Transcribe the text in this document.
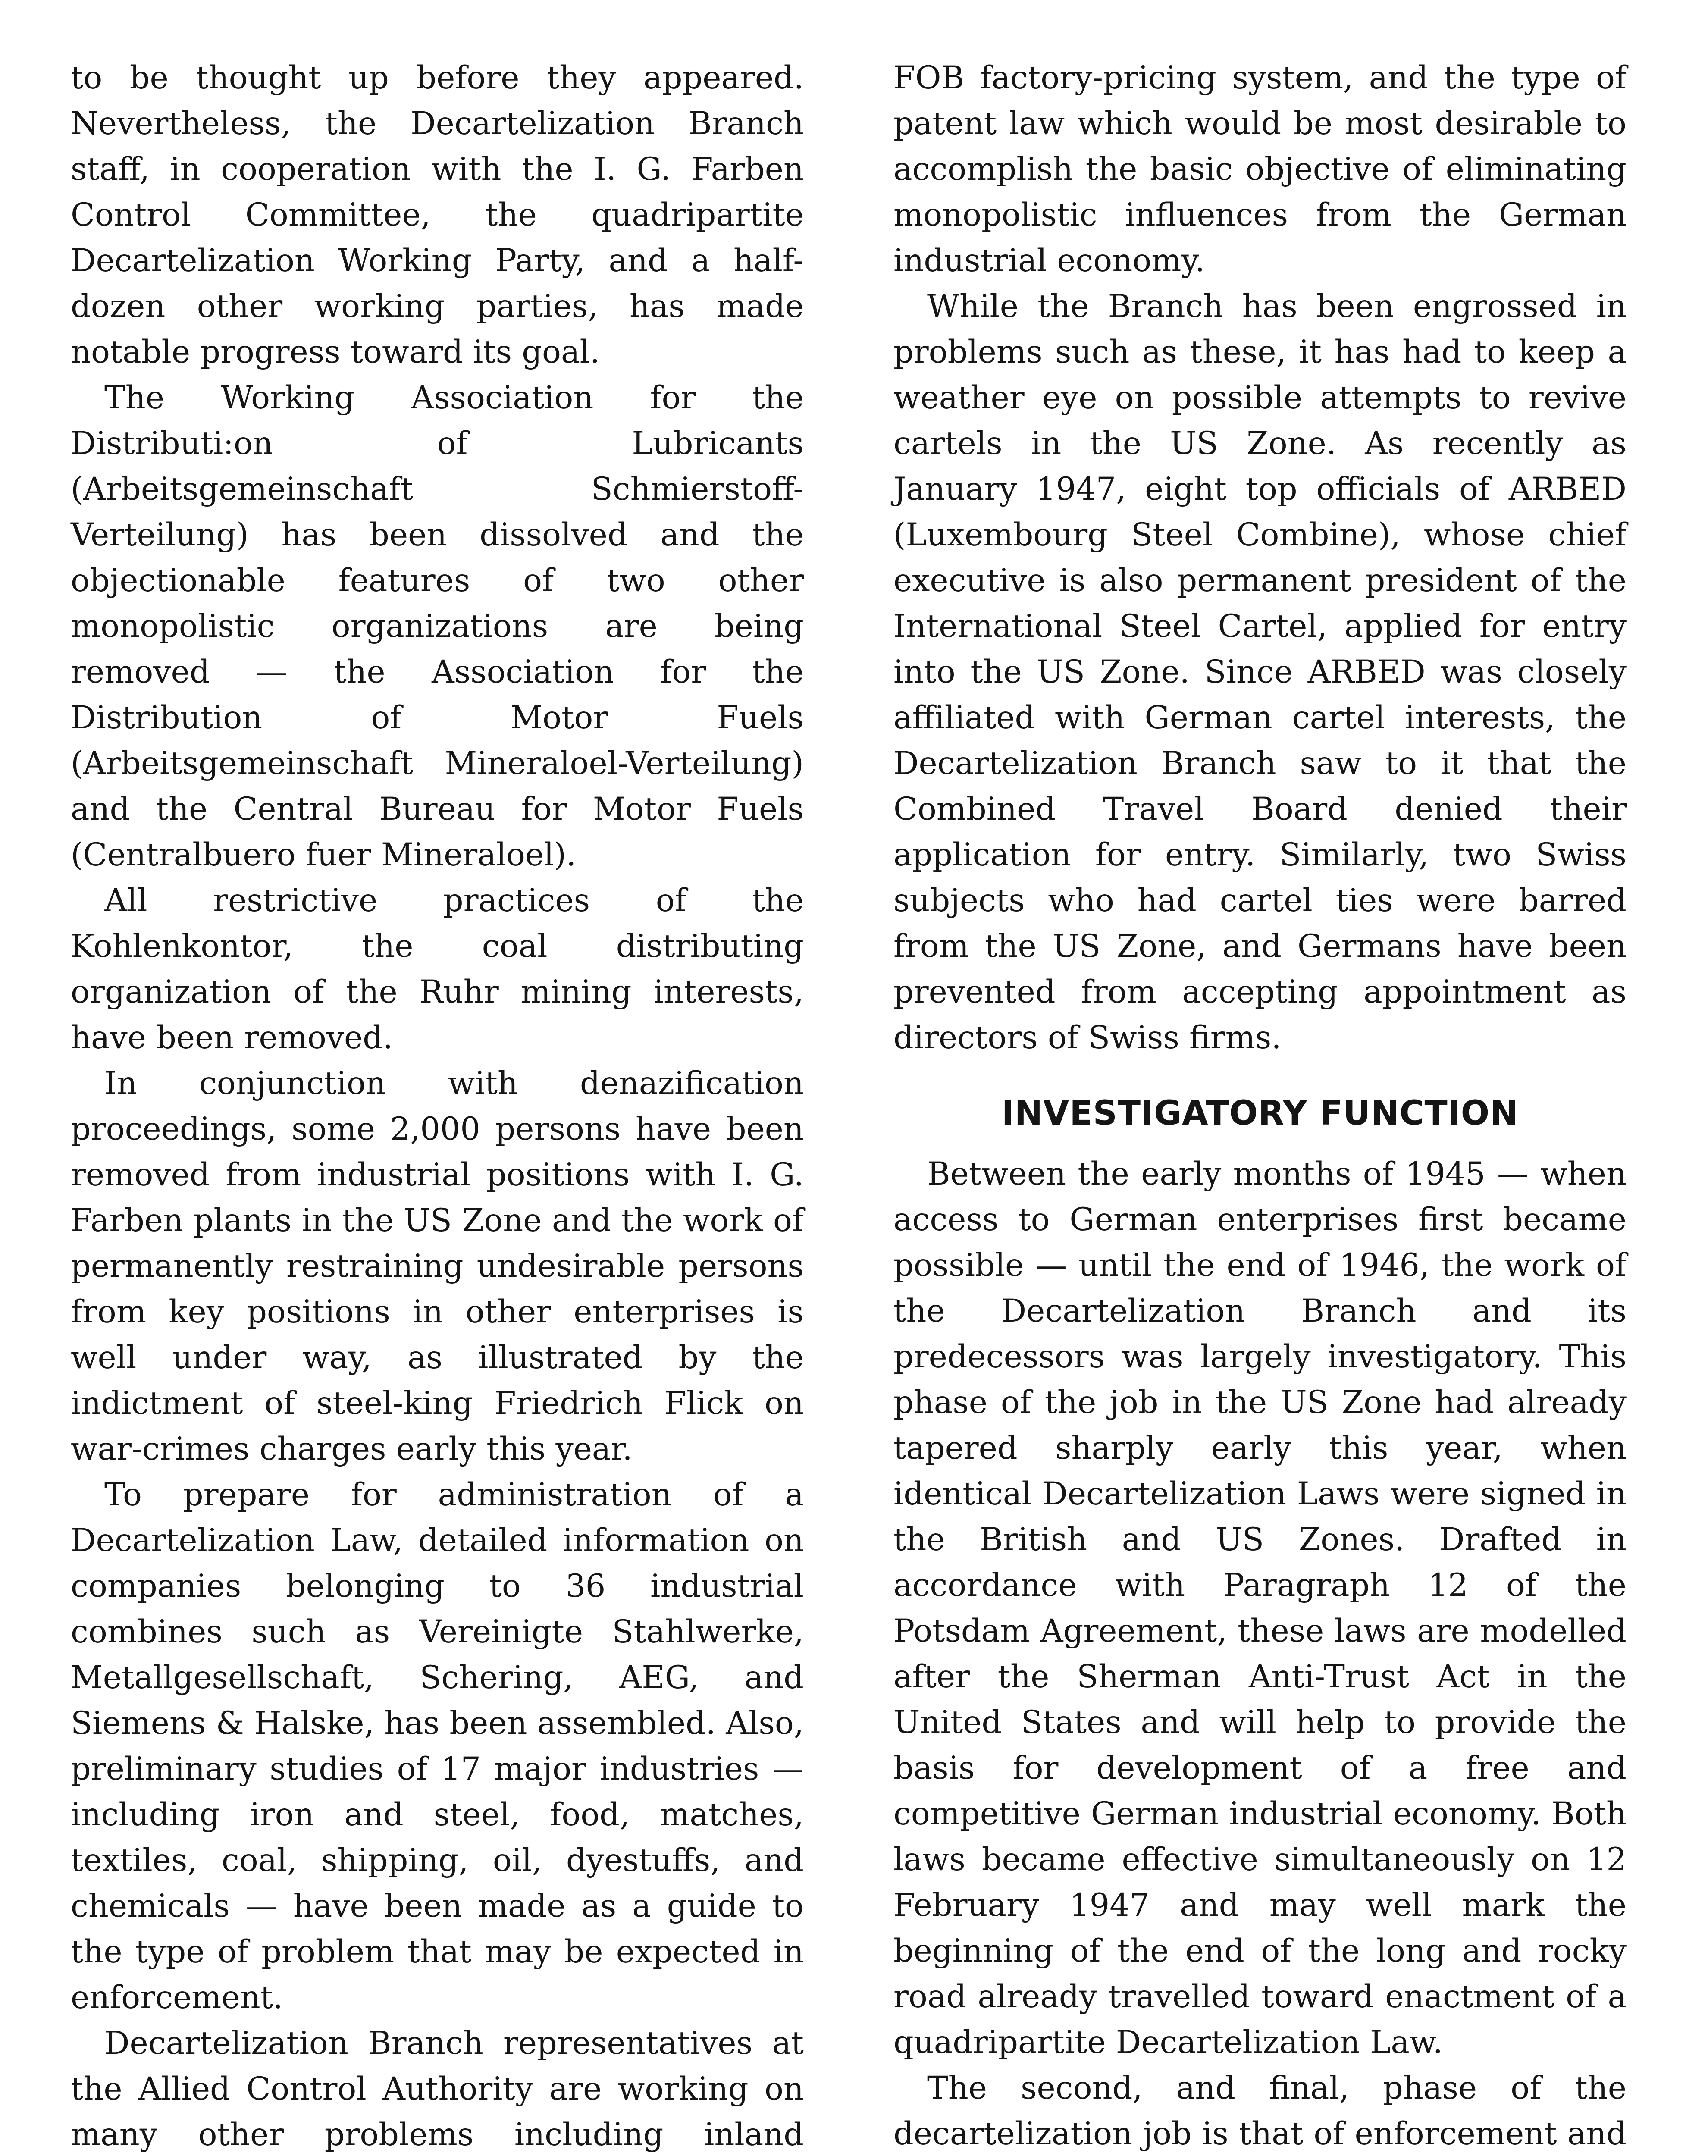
to be thought up before they appeared. Nevertheless, the Decartelization Branch staff, in cooperation with the I. G. Farben Control Committee, the quadripartite Decartelization Working Party, and a half-dozen other working parties, has made notable progress toward its goal.

The Working Association for the Distributi:on of Lubricants (Arbeitsgemeinschaft Schmierstoff-Verteilung) has been dissolved and the objectionable features of two other monopolistic organizations are being removed — the Association for the Distribution of Motor Fuels (Arbeitsgemeinschaft Mineraloel-Verteilung) and the Central Bureau for Motor Fuels (Centralbuero fuer Mineraloel).

All restrictive practices of the Kohlenkontor, the coal distributing organization of the Ruhr mining interests, have been removed.

In conjunction with denazification proceedings, some 2,000 persons have been removed from industrial positions with I. G. Farben plants in the US Zone and the work of permanently restraining undesirable persons from key positions in other enterprises is well under way, as illustrated by the indictment of steel-king Friedrich Flick on war-crimes charges early this year.

To prepare for administration of a Decartelization Law, detailed information on companies belonging to 36 industrial combines such as Vereinigte Stahlwerke, Metallgesellschaft, Schering, AEG, and Siemens & Halske, has been assembled. Also, preliminary studies of 17 major industries — including iron and steel, food, matches, textiles, coal, shipping, oil, dyestuffs, and chemicals — have been made as a guide to the type of problem that may be expected in enforcement.

Decartelization Branch representatives at the Allied Control Authority are working on many other problems including inland

FOB factory-pricing system, and the type of patent law which would be most desirable to accomplish the basic objective of eliminating monopolistic influences from the German industrial economy.

While the Branch has been engrossed in problems such as these, it has had to keep a weather eye on possible attempts to revive cartels in the US Zone. As recently as January 1947, eight top officials of ARBED (Luxembourg Steel Combine), whose chief executive is also permanent president of the International Steel Cartel, applied for entry into the US Zone. Since ARBED was closely affiliated with German cartel interests, the Decartelization Branch saw to it that the Combined Travel Board denied their application for entry. Similarly, two Swiss subjects who had cartel ties were barred from the US Zone, and Germans have been prevented from accepting appointment as directors of Swiss firms.

INVESTIGATORY FUNCTION

Between the early months of 1945 — when access to German enterprises first became possible — until the end of 1946, the work of the Decartelization Branch and its predecessors was largely investigatory. This phase of the job in the US Zone had already tapered sharply early this year, when identical Decartelization Laws were signed in the British and US Zones. Drafted in accordance with Paragraph 12 of the Potsdam Agreement, these laws are modelled after the Sherman Anti-Trust Act in the United States and will help to provide the basis for development of a free and competitive German industrial economy. Both laws became effective simultaneously on 12 February 1947 and may well mark the beginning of the end of the long and rocky road already travelled toward enactment of a quadripartite Decartelization Law.

The second, and final, phase of the decartelization job is that of enforcement and
